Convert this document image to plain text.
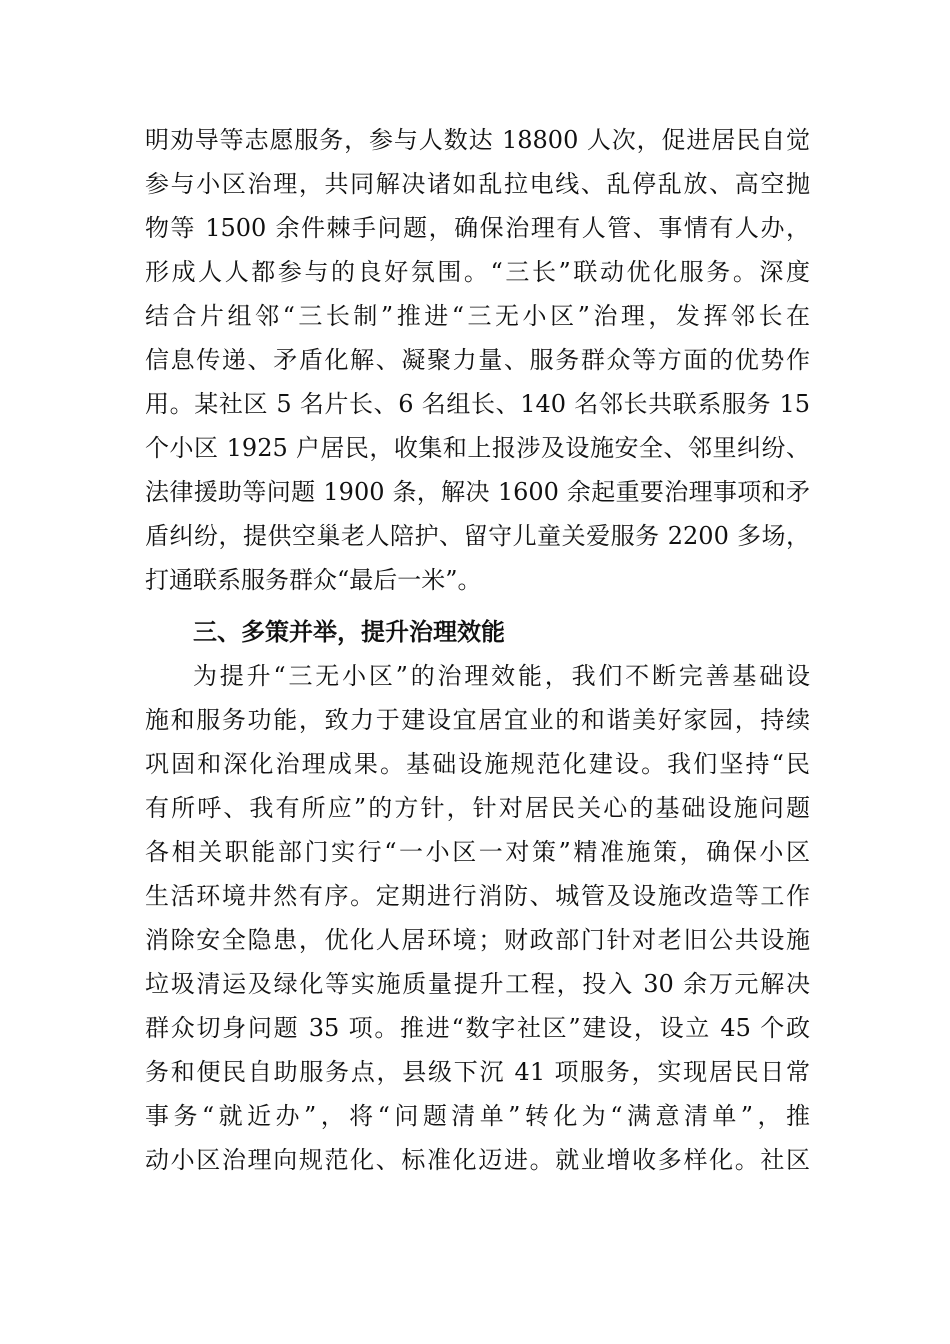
明劝导等志愿服务，参与人数达 18800 人次，促进居民自觉
参与小区治理，共同解决诸如乱拉电线、乱停乱放、高空抛
物等 1500 余件棘手问题，确保治理有人管、事情有人办，
形成人人都参与的良好氛围。“三长”联动优化服务。深度
结合片组邻“三长制”推进“三无小区”治理，发挥邻长在
信息传递、矛盾化解、凝聚力量、服务群众等方面的优势作
用。某社区 5 名片长、6 名组长、140 名邻长共联系服务 15
个小区 1925 户居民，收集和上报涉及设施安全、邻里纠纷、
法律援助等问题 1900 条，解决 1600 余起重要治理事项和矛
盾纠纷，提供空巢老人陪护、留守儿童关爱服务 2200 多场，
打通联系服务群众“最后一米”。
三、多策并举，提升治理效能
为提升“三无小区”的治理效能，我们不断完善基础设
施和服务功能，致力于建设宜居宜业的和谐美好家园，持续
巩固和深化治理成果。基础设施规范化建设。我们坚持“民
有所呼、我有所应”的方针，针对居民关心的基础设施问题
各相关职能部门实行“一小区一对策”精准施策，确保小区
生活环境井然有序。定期进行消防、城管及设施改造等工作
消除安全隐患，优化人居环境；财政部门针对老旧公共设施
垃圾清运及绿化等实施质量提升工程，投入 30 余万元解决
群众切身问题 35 项。推进“数字社区”建设，设立 45 个政
务和便民自助服务点，县级下沉 41 项服务，实现居民日常
事务“就近办”，将“问题清单”转化为“满意清单”，推
动小区治理向规范化、标准化迈进。就业增收多样化。社区
